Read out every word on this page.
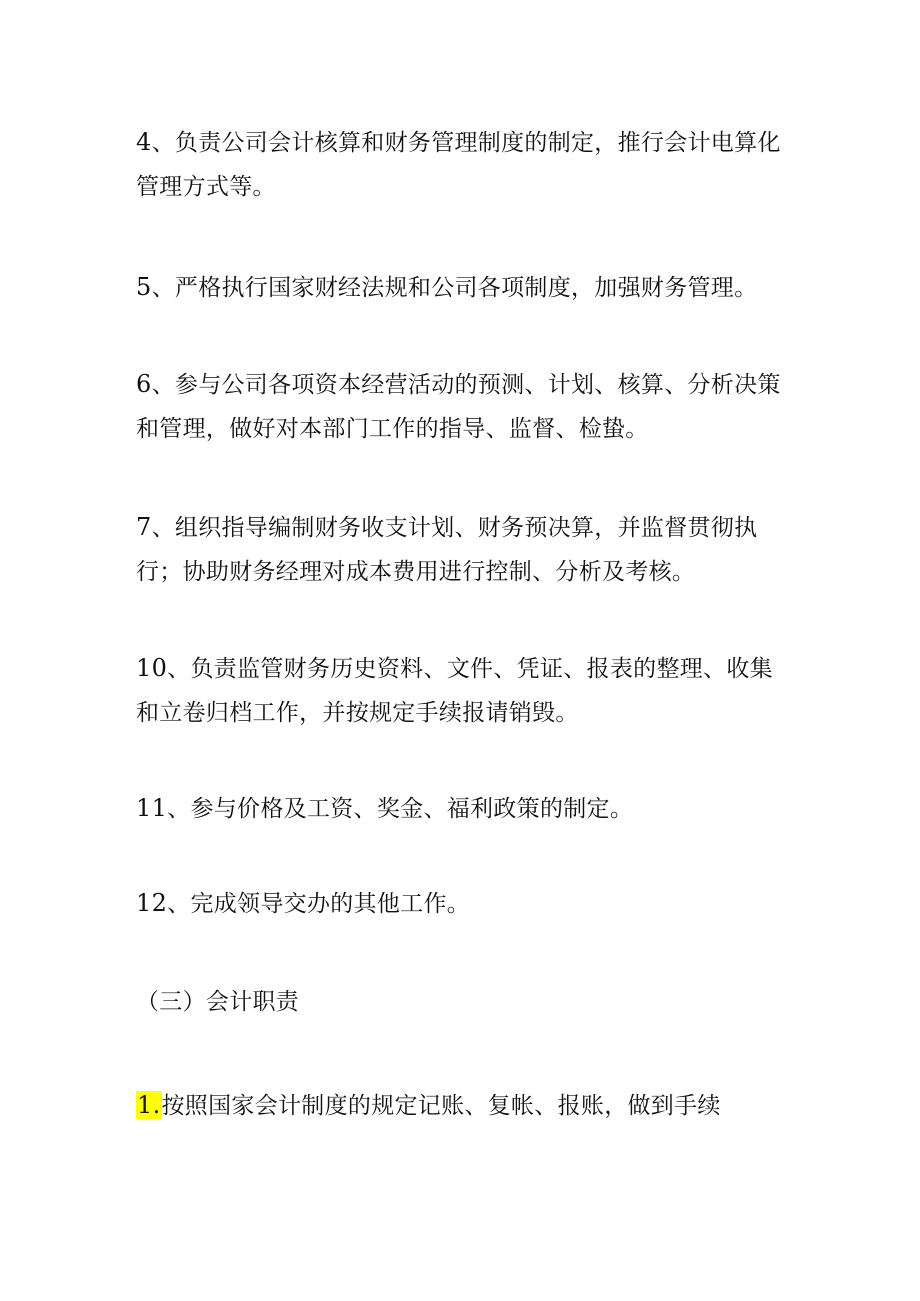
4、负责公司会计核算和财务管理制度的制定，推行会计电算化管理方式等。

5、严格执行国家财经法规和公司各项制度，加强财务管理。

6、参与公司各项资本经营活动的预测、计划、核算、分析决策和管理，做好对本部门工作的指导、监督、检蛰。

7、组织指导编制财务收支计划、财务预决算，并监督贯彻执行；协助财务经理对成本费用进行控制、分析及考核。

10、负责监管财务历史资料、文件、凭证、报表的整理、收集和立卷归档工作，并按规定手续报请销毁。

11、参与价格及工资、奖金、福利政策的制定。

12、完成领导交办的其他工作。

（三）会计职责

1.按照国家会计制度的规定记账、复帐、报账，做到手续
